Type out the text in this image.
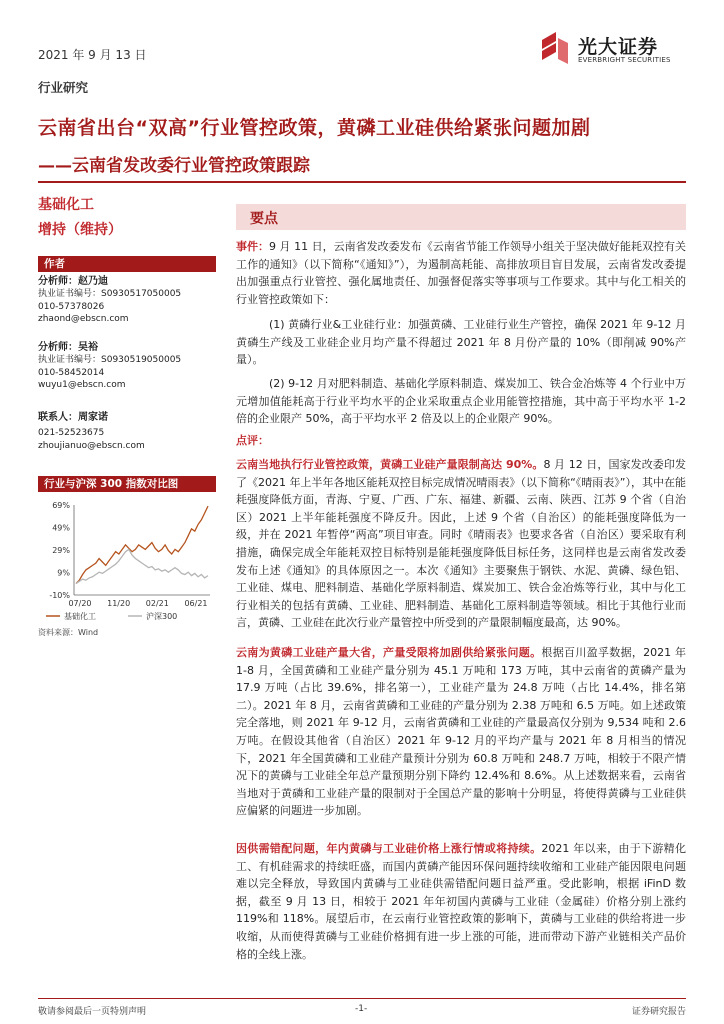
2021 年 9 月 13 日	光大证券
EVERBRIGHT SECURITIES
行业研究
云南省出台“双高”行业管控政策，黄磷工业硅供给紧张问题加剧
——云南省发改委行业管控政策跟踪
基础化工
增持（维持）
作者
分析师：赵乃迪
执业证书编号：S0930517050005
010-57378026
zhaond@ebscn.com
分析师：吴裕
执业证书编号：S0930519050005
010-58452014
wuyu1@ebscn.com
联系人：周家诺
021-52523675
zhoujianuo@ebscn.com
行业与沪深 300 指数对比图
69%
49%
29%
9%
-10%
07/20 11/20 02/21 06/21
基础化工	沪深300
资料来源：Wind
要点
事件：9 月 11 日，云南省发改委发布《云南省节能工作领导小组关于坚决做好能耗双控有关工作的通知》（以下简称“《通知》”），为遏制高耗能、高排放项目盲目发展，云南省发改委提出加强重点行业管控、强化属地责任、加强督促落实等事项与工作要求。其中与化工相关的行业管控政策如下：
(1) 黄磷行业&工业硅行业：加强黄磷、工业硅行业生产管控，确保 2021 年 9-12 月黄磷生产线及工业硅企业月均产量不得超过 2021 年 8 月份产量的 10%（即削减 90%产量）。
(2) 9-12 月对肥料制造、基础化学原料制造、煤炭加工、铁合金冶炼等 4 个行业中万元增加值能耗高于行业平均水平的企业采取重点企业用能管控措施，其中高于平均水平 1-2 倍的企业限产 50%，高于平均水平 2 倍及以上的企业限产 90%。
点评：
云南当地执行行业管控政策，黄磷工业硅产量限制高达 90%。8 月 12 日，国家发改委印发了《2021 年上半年各地区能耗双控目标完成情况晴雨表》（以下简称“《晴雨表》”），其中在能耗强度降低方面，青海、宁夏、广西、广东、福建、新疆、云南、陕西、江苏 9 个省（自治区）2021 上半年能耗强度不降反升。因此，上述 9 个省（自治区）的能耗强度降低为一级，并在 2021 年暂停“两高”项目审查。同时《晴雨表》也要求各省（自治区）要采取有利措施，确保完成全年能耗双控目标特别是能耗强度降低目标任务，这同样也是云南省发改委发布上述《通知》的具体原因之一。本次《通知》主要聚焦于钢铁、水泥、黄磷、绿色铝、工业硅、煤电、肥料制造、基础化学原料制造、煤炭加工、铁合金冶炼等行业，其中与化工行业相关的包括有黄磷、工业硅、肥料制造、基础化工原料制造等领域。相比于其他行业而言，黄磷、工业硅在此次行业产量管控中所受到的产量限制幅度最高，达 90%。
云南为黄磷工业硅产量大省，产量受限将加剧供给紧张问题。根据百川盈孚数据，2021 年 1-8 月，全国黄磷和工业硅产量分别为 45.1 万吨和 173 万吨，其中云南省的黄磷产量为 17.9 万吨（占比 39.6%，排名第一），工业硅产量为 24.8 万吨（占比 14.4%，排名第二）。2021 年 8 月，云南省黄磷和工业硅的产量分别为 2.38 万吨和 6.5 万吨。如上述政策完全落地，则 2021 年 9-12 月，云南省黄磷和工业硅的产量最高仅分别为 9,534 吨和 2.6 万吨。在假设其他省（自治区）2021 年 9-12 月的平均产量与 2021 年 8 月相当的情况下，2021 年全国黄磷和工业硅产量预计分别为 60.8 万吨和 248.7 万吨，相较于不限产情况下的黄磷与工业硅全年总产量预期分别下降约 12.4%和 8.6%。从上述数据来看，云南省当地对于黄磷和工业硅产量的限制对于全国总产量的影响十分明显，将使得黄磷与工业硅供应偏紧的问题进一步加剧。
因供需错配问题，年内黄磷与工业硅价格上涨行情或将持续。2021 年以来，由于下游精化工、有机硅需求的持续旺盛，而国内黄磷产能因环保问题持续收缩和工业硅产能因限电问题难以完全释放，导致国内黄磷与工业硅供需错配问题日益严重。受此影响，根据 iFinD 数据，截至 9 月 13 日，相较于 2021 年年初国内黄磷与工业硅（金属硅）价格分别上涨约 119%和 118%。展望后市，在云南行业管控政策的影响下，黄磷与工业硅的供给将进一步收缩，从而使得黄磷与工业硅价格拥有进一步上涨的可能，进而带动下游产业链相关产品价格的全线上涨。
敬请参阅最后一页特别声明	-1-	证券研究报告
